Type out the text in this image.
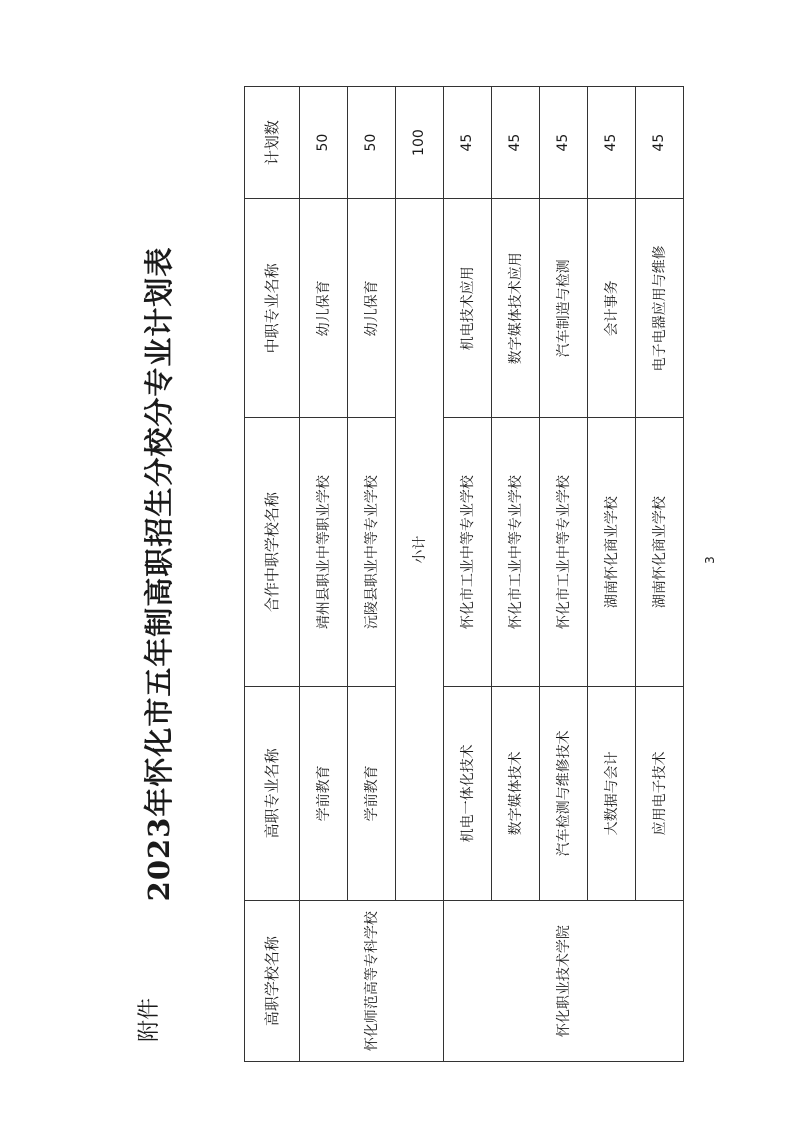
附件
3
2023年怀化市五年制高职招生分校分专业计划表
高职学校名称	高职专业名称	合作中职学校名称	中职专业名称	计划数
怀化师范高等专科学校	学前教育	靖州县职业中等职业学校	幼儿保育	50
	学前教育	沅陵县职业中等专业学校	幼儿保育	50
	小计			100
怀化职业技术学院	机电一体化技术	怀化市工业中等专业学校	机电技术应用	45
	数字媒体技术	怀化市工业中等专业学校	数字媒体技术应用	45
	汽车检测与维修技术	怀化市工业中等专业学校	汽车制造与检测	45
	大数据与会计	湖南怀化商业学校	会计事务	45
	应用电子技术	湖南怀化商业学校	电子电器应用与维修	45
